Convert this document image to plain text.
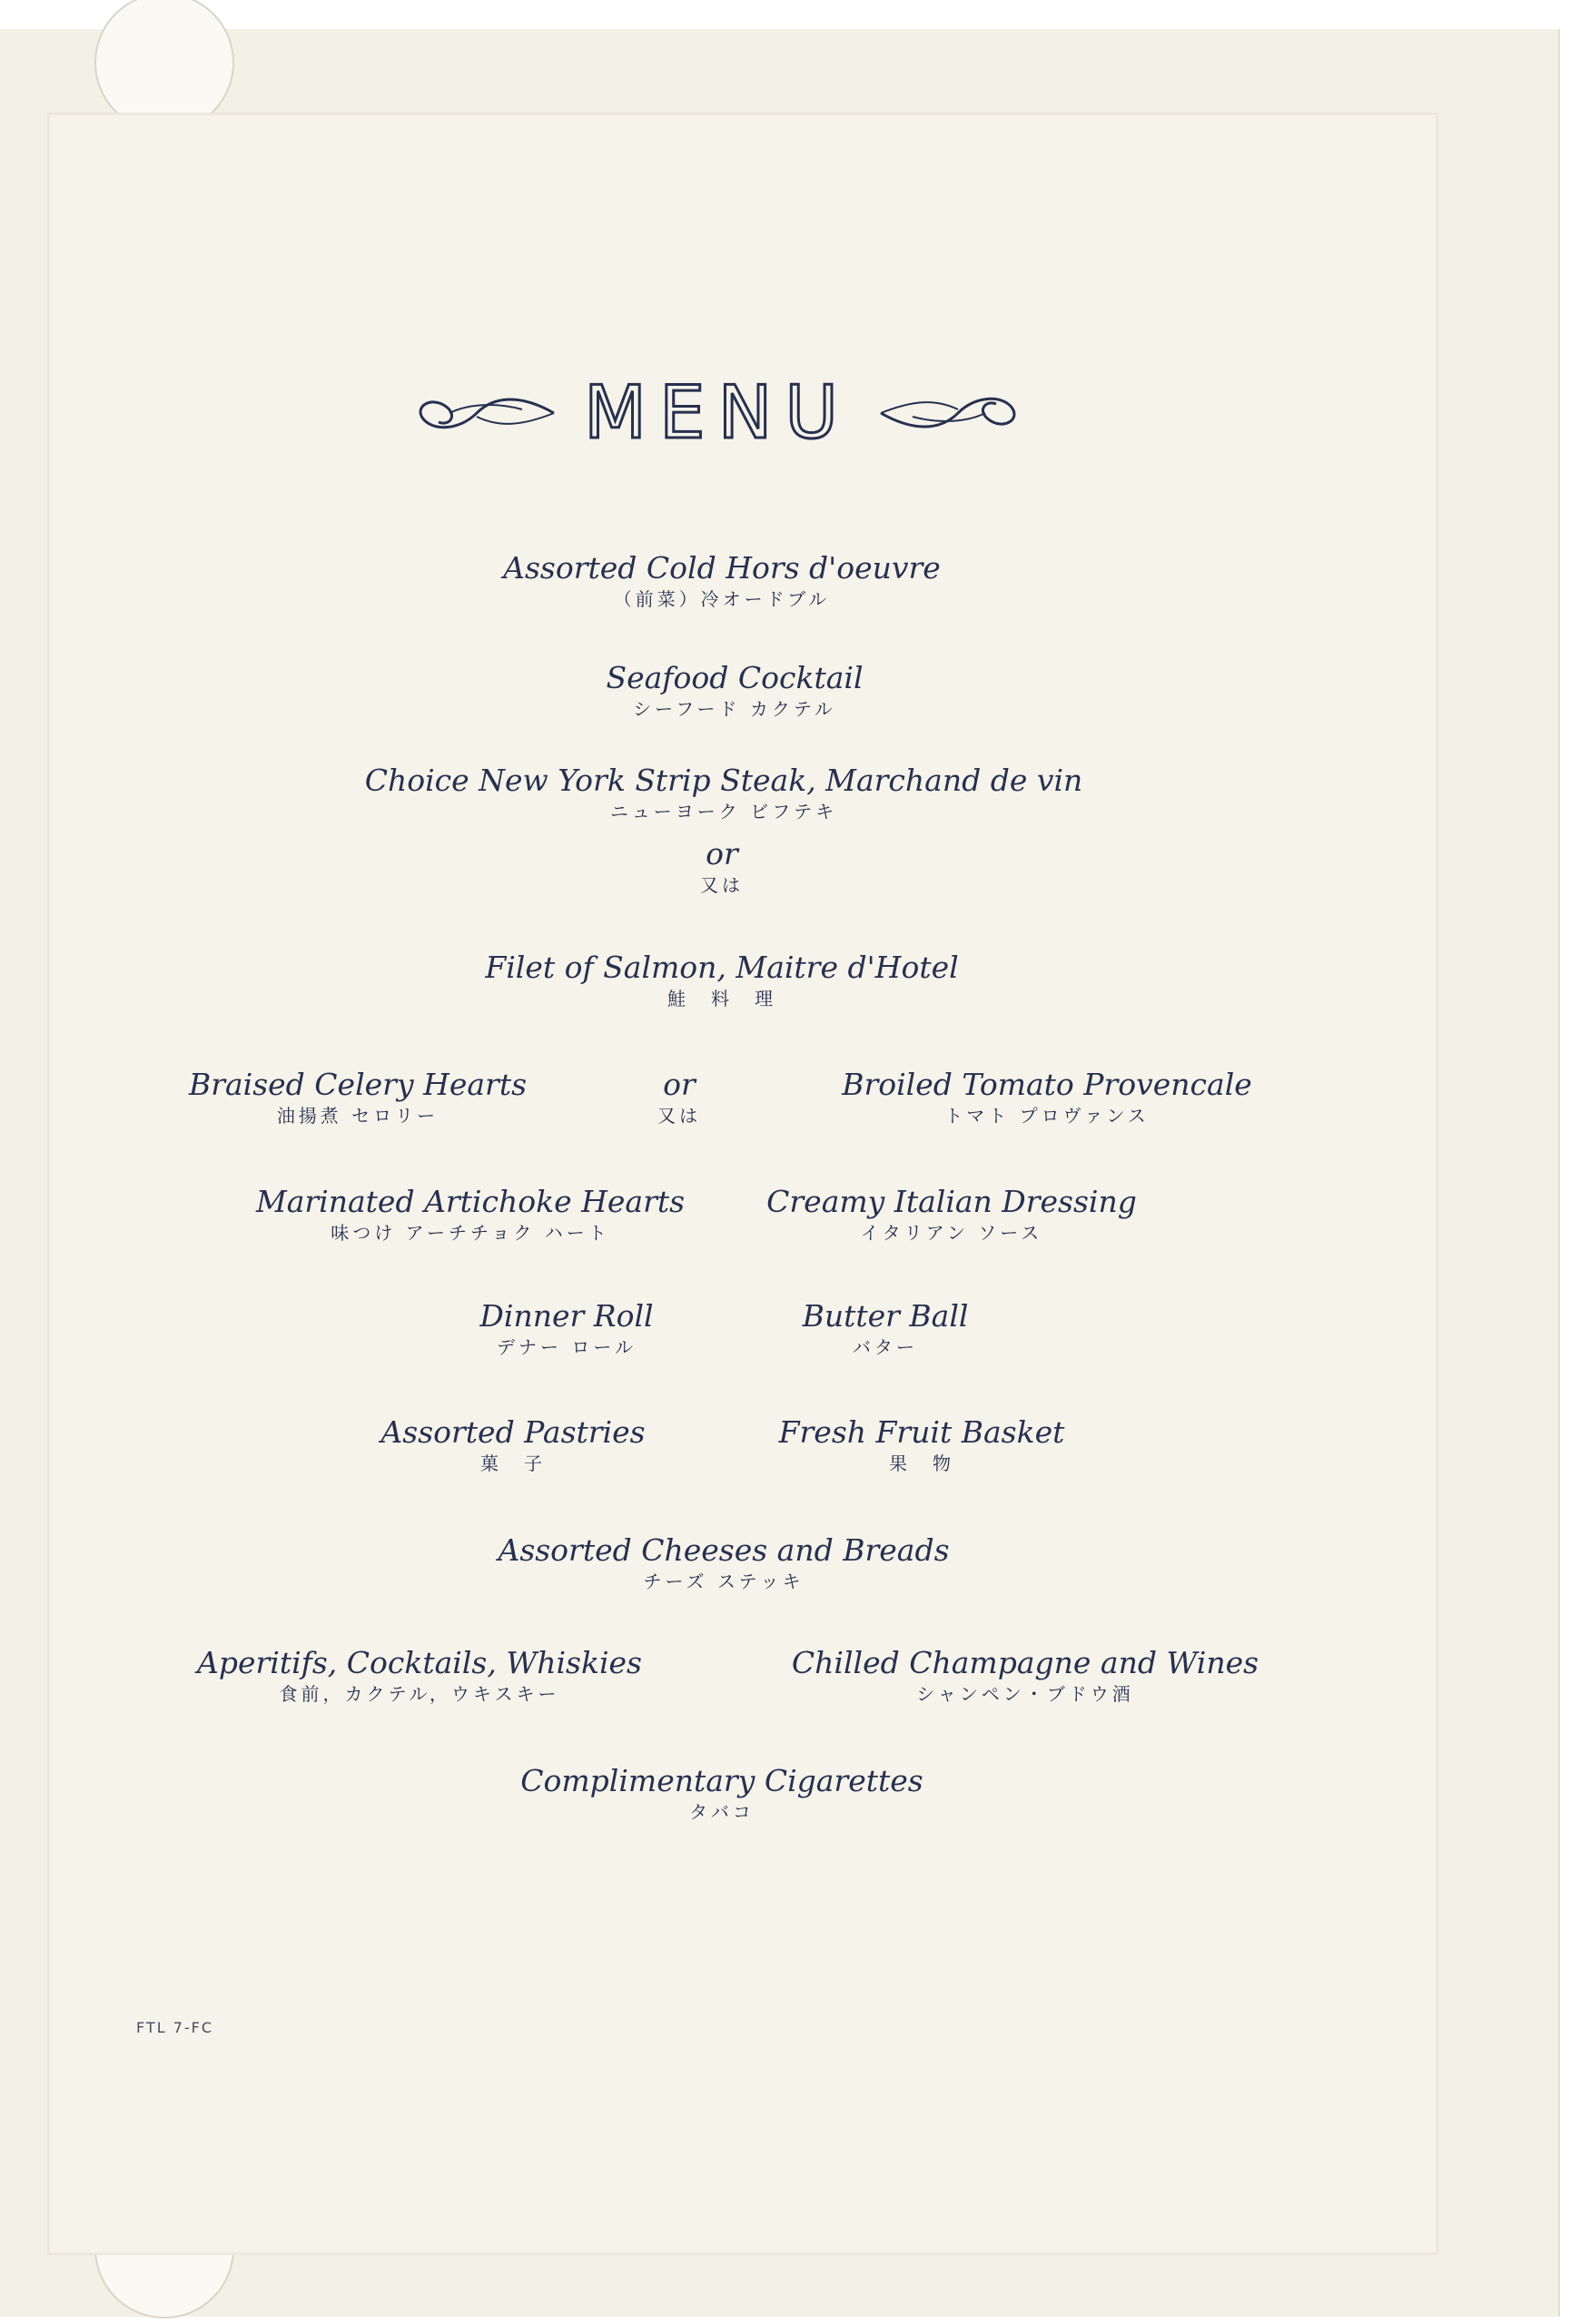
MENU
Assorted Cold Hors d'oeuvre
（前菜）冷オードブル
Seafood Cocktail
シーフード カクテル
Choice New York Strip Steak, Marchand de vin
ニューヨーク ビフテキ
or
又は
Filet of Salmon, Maitre d'Hotel
鮭　料　理
Braised Celery Hearts
油揚煮 セロリー
or
又は
Broiled Tomato Provencale
トマト プロヴァンス
Marinated Artichoke Hearts
味つけ アーチチョク ハート
Creamy Italian Dressing
イタリアン ソース
Dinner Roll
デナー ロール
Butter Ball
バター
Assorted Pastries
菓　子
Fresh Fruit Basket
果　物
Assorted Cheeses and Breads
チーズ ステッキ
Aperitifs, Cocktails, Whiskies
食前，カクテル，ウキスキー
Chilled Champagne and Wines
シャンペン・ブドウ酒
Complimentary Cigarettes
タバコ
FTL 7-FC
